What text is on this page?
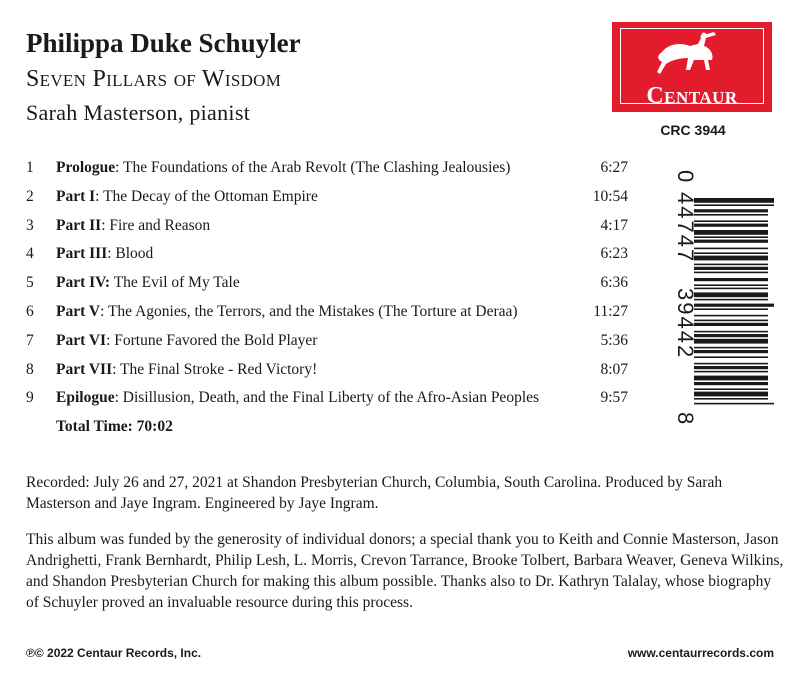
Philippa Duke Schuyler
Seven Pillars of Wisdom
Sarah Masterson, pianist
Centaur
CRC 3944
1	Prologue: The Foundations of the Arab Revolt (The Clashing Jealousies)	6:27
2	Part I: The Decay of the Ottoman Empire	10:54
3	Part II: Fire and Reason	4:17
4	Part III: Blood	6:23
5	Part IV: The Evil of My Tale	6:36
6	Part V: The Agonies, the Terrors, and the Mistakes (The Torture at Deraa)	11:27
7	Part VI: Fortune Favored the Bold Player	5:36
8	Part VII: The Final Stroke - Red Victory!	8:07
9	Epilogue: Disillusion, Death, and the Final Liberty of the Afro-Asian Peoples	9:57
Total Time: 70:02
0
44747
39442
8

Recorded: July 26 and 27, 2021 at Shandon Presbyterian Church, Columbia, South Carolina. Produced by Sarah Masterson and Jaye Ingram. Engineered by Jaye Ingram.

This album was funded by the generosity of individual donors; a special thank you to Keith and Connie Masterson, Jason Andrighetti, Frank Bernhardt, Philip Lesh, L. Morris, Crevon Tarrance, Brooke Tolbert, Barbara Weaver, Geneva Wilkins, and Shandon Presbyterian Church for making this album possible. Thanks also to Dr. Kathryn Talalay, whose biography of Schuyler proved an invaluable resource during this process.

℗© 2022 Centaur Records, Inc.	www.centaurrecords.com
